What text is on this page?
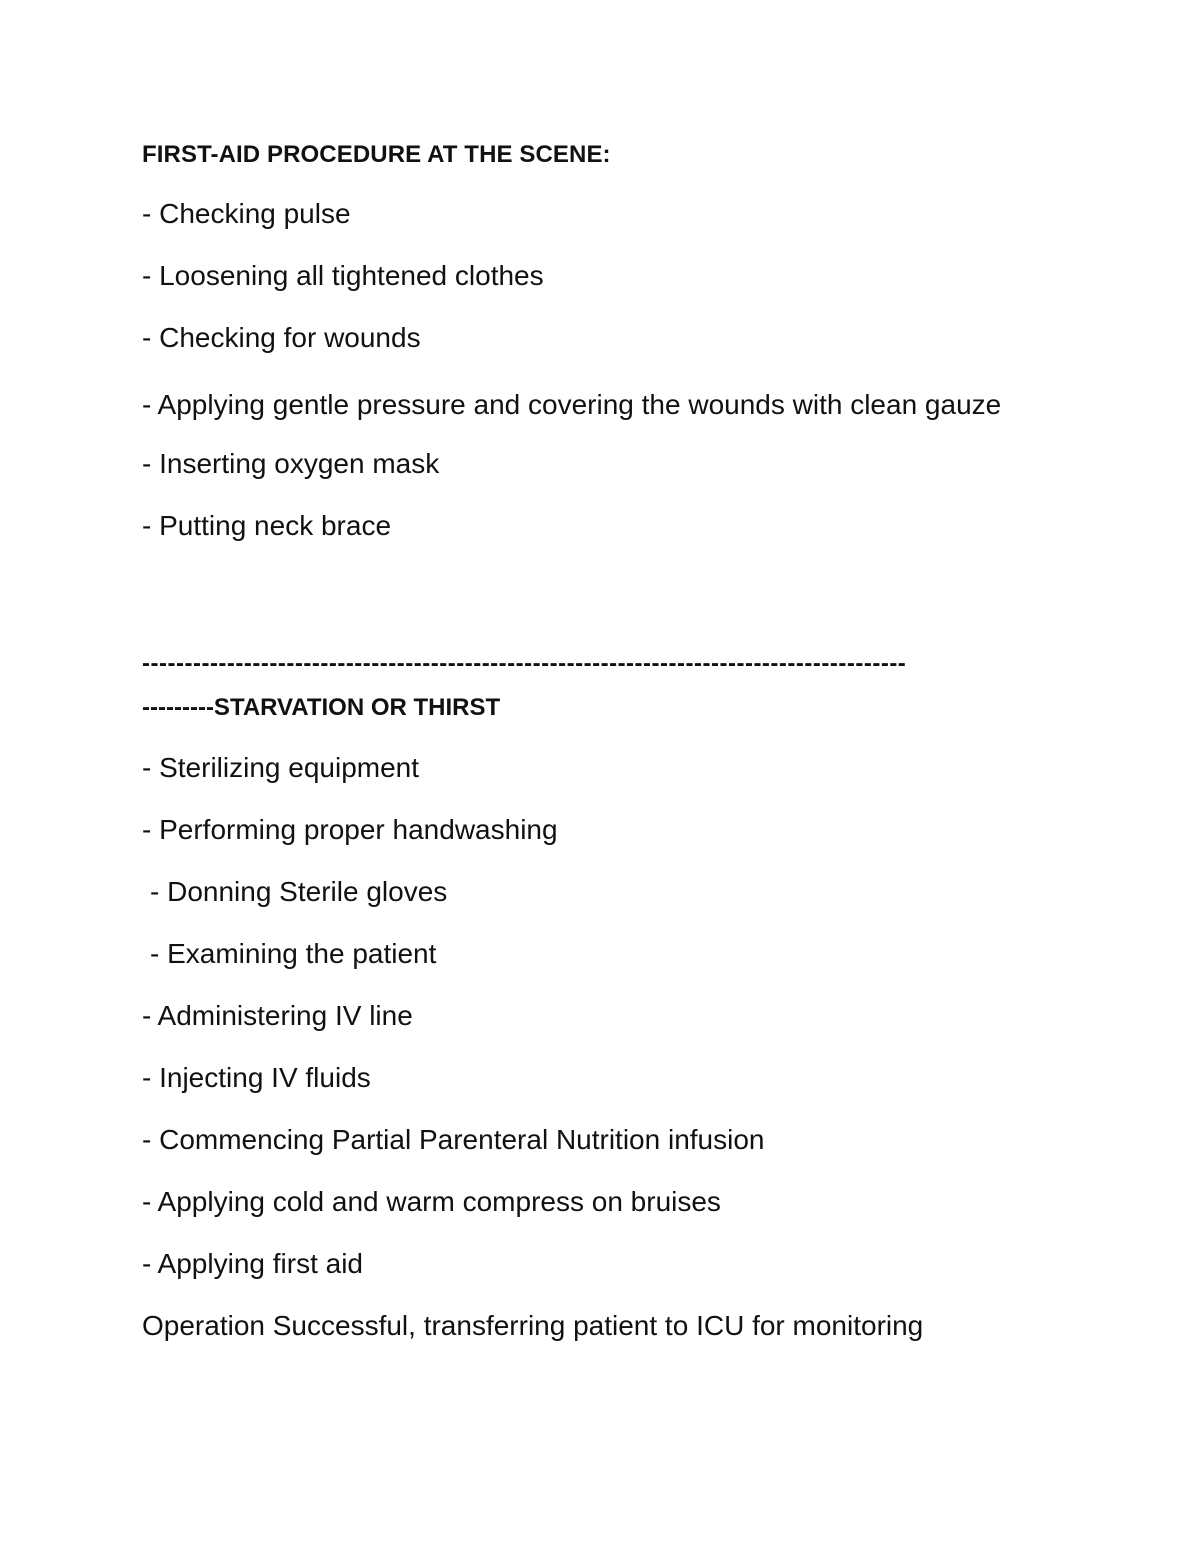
FIRST-AID PROCEDURE AT THE SCENE:
- Checking pulse
- Loosening all tightened clothes
- Checking for wounds
- Applying gentle pressure and covering the wounds with clean gauze
- Inserting oxygen mask
- Putting neck brace
------------------------------------------------------------------------------------------
---------STARVATION OR THIRST
- Sterilizing equipment
- Performing proper handwashing
- Donning Sterile gloves
- Examining the patient
- Administering IV line
- Injecting IV fluids
- Commencing Partial Parenteral Nutrition infusion
- Applying cold and warm compress on bruises
- Applying first aid
Operation Successful, transferring patient to ICU for monitoring
